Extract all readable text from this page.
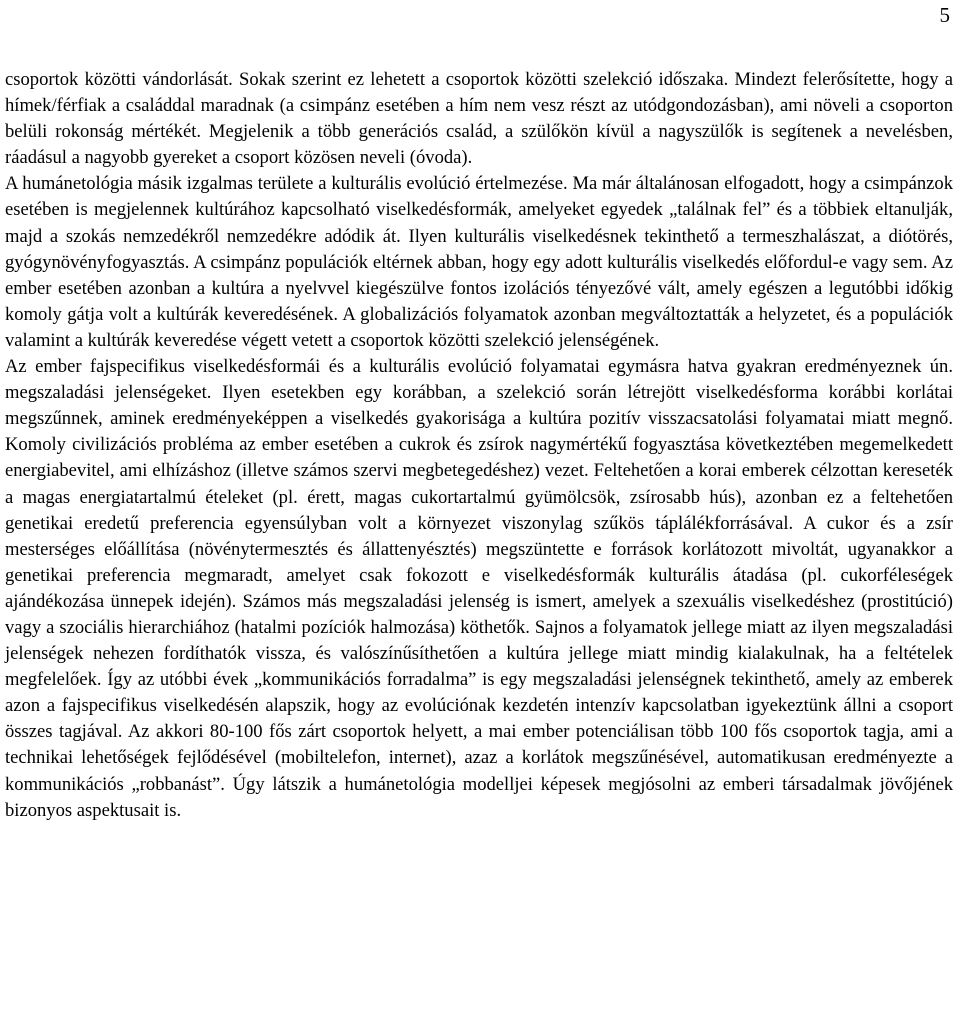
5

csoportok közötti vándorlását. Sokak szerint ez lehetett a csoportok közötti szelekció időszaka. Mindezt felerősítette, hogy a hímek/férfiak a családdal maradnak (a csimpánz esetében a hím nem vesz részt az utódgondozásban), ami növeli a csoporton belüli rokonság mértékét. Megjelenik a több generációs család, a szülőkön kívül a nagyszülők is segítenek a nevelésben, ráadásul a nagyobb gyereket a csoport közösen neveli (óvoda).

A humánetológia másik izgalmas területe a kulturális evolúció értelmezése. Ma már általánosan elfogadott, hogy a csimpánzok esetében is megjelennek kultúrához kapcsolható viselkedésformák, amelyeket egyedek „találnak fel” és a többiek eltanulják, majd a szokás nemzedékről nemzedékre adódik át. Ilyen kulturális viselkedésnek tekinthető a termeszhalászat, a diótörés, gyógynövényfogyasztás. A csimpánz populációk eltérnek abban, hogy egy adott kulturális viselkedés előfordul-e vagy sem. Az ember esetében azonban a kultúra a nyelvvel kiegészülve fontos izolációs tényezővé vált, amely egészen a legutóbbi időkig komoly gátja volt a kultúrák keveredésének. A globalizációs folyamatok azonban megváltoztatták a helyzetet, és a populációk valamint a kultúrák keveredése végett vetett a csoportok közötti szelekció jelenségének.

Az ember fajspecifikus viselkedésformái és a kulturális evolúció folyamatai egymásra hatva gyakran eredményeznek ún. megszaladási jelenségeket. Ilyen esetekben egy korábban, a szelekció során létrejött viselkedésforma korábbi korlátai megszűnnek, aminek eredményeképpen a viselkedés gyakorisága a kultúra pozitív visszacsatolási folyamatai miatt megnő. Komoly civilizációs probléma az ember esetében a cukrok és zsírok nagymértékű fogyasztása következtében megemelkedett energiabevitel, ami elhízáshoz (illetve számos szervi megbetegedéshez) vezet. Feltehetően a korai emberek célzottan kereseték a magas energiatartalmú ételeket (pl. érett, magas cukortartalmú gyümölcsök, zsírosabb hús), azonban ez a feltehetően genetikai eredetű preferencia egyensúlyban volt a környezet viszonylag szűkös táplálékforrásával. A cukor és a zsír mesterséges előállítása (növénytermesztés és állattenyésztés) megszüntette e források korlátozott mivoltát, ugyanakkor a genetikai preferencia megmaradt, amelyet csak fokozott e viselkedésformák kulturális átadása (pl. cukorféleségek ajándékozása ünnepek idején). Számos más megszaladási jelenség is ismert, amelyek a szexuális viselkedéshez (prostitúció) vagy a szociális hierarchiához (hatalmi pozíciók halmozása) köthetők. Sajnos a folyamatok jellege miatt az ilyen megszaladási jelenségek nehezen fordíthatók vissza, és valószínűsíthetően a kultúra jellege miatt mindig kialakulnak, ha a feltételek megfelelőek. Így az utóbbi évek „kommunikációs forradalma” is egy megszaladási jelenségnek tekinthető, amely az emberek azon a fajspecifikus viselkedésén alapszik, hogy az evolúciónak kezdetén intenzív kapcsolatban igyekeztünk állni a csoport összes tagjával. Az akkori 80-100 fős zárt csoportok helyett, a mai ember potenciálisan több 100 fős csoportok tagja, ami a technikai lehetőségek fejlődésével (mobiltelefon, internet), azaz a korlátok megszűnésével, automatikusan eredményezte a kommunikációs „robbanást”. Úgy látszik a humánetológia modelljei képesek megjósolni az emberi társadalmak jövőjének bizonyos aspektusait is.
